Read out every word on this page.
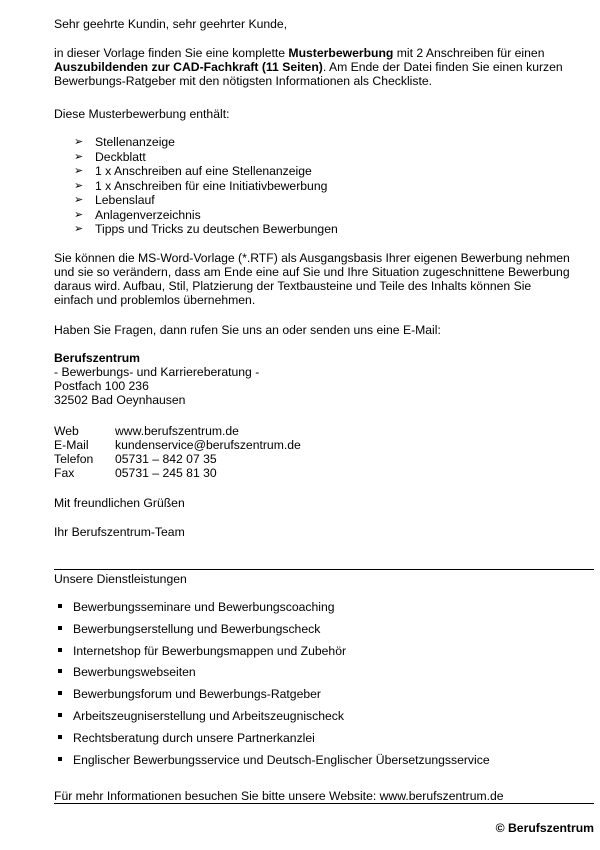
Sehr geehrte Kundin, sehr geehrter Kunde,

in dieser Vorlage finden Sie eine komplette Musterbewerbung mit 2 Anschreiben für einen

Auszubildenden zur CAD-Fachkraft (11 Seiten). Am Ende der Datei finden Sie einen kurzen

Bewerbungs-Ratgeber mit den nötigsten Informationen als Checkliste.

Diese Musterbewerbung enthält:

➢ Stellenanzeige
➢ Deckblatt
➢ 1 x Anschreiben auf eine Stellenanzeige
➢ 1 x Anschreiben für eine Initiativbewerbung
➢ Lebenslauf
➢ Anlagenverzeichnis
➢ Tipps und Tricks zu deutschen Bewerbungen

Sie können die MS-Word-Vorlage (*.RTF) als Ausgangsbasis Ihrer eigenen Bewerbung nehmen

und sie so verändern, dass am Ende eine auf Sie und Ihre Situation zugeschnittene Bewerbung

daraus wird. Aufbau, Stil, Platzierung der Textbausteine und Teile des Inhalts können Sie

einfach und problemlos übernehmen.

Haben Sie Fragen, dann rufen Sie uns an oder senden uns eine E-Mail:

Berufszentrum

- Bewerbungs- und Karriereberatung -

Postfach 100 236

32502 Bad Oeynhausen

Web	www.berufszentrum.de
E-Mail	kundenservice@berufszentrum.de
Telefon	05731 – 842 07 35
Fax	05731 – 245 81 30

Mit freundlichen Grüßen

Ihr Berufszentrum-Team

Unsere Dienstleistungen

Bewerbungsseminare und Bewerbungscoaching
Bewerbungserstellung und Bewerbungscheck
Internetshop für Bewerbungsmappen und Zubehör
Bewerbungswebseiten
Bewerbungsforum und Bewerbungs-Ratgeber
Arbeitszeugniserstellung und Arbeitszeugnischeck
Rechtsberatung durch unsere Partnerkanzlei
Englischer Bewerbungsservice und Deutsch-Englischer Übersetzungsservice

Für mehr Informationen besuchen Sie bitte unsere Website: www.berufszentrum.de

© Berufszentrum
